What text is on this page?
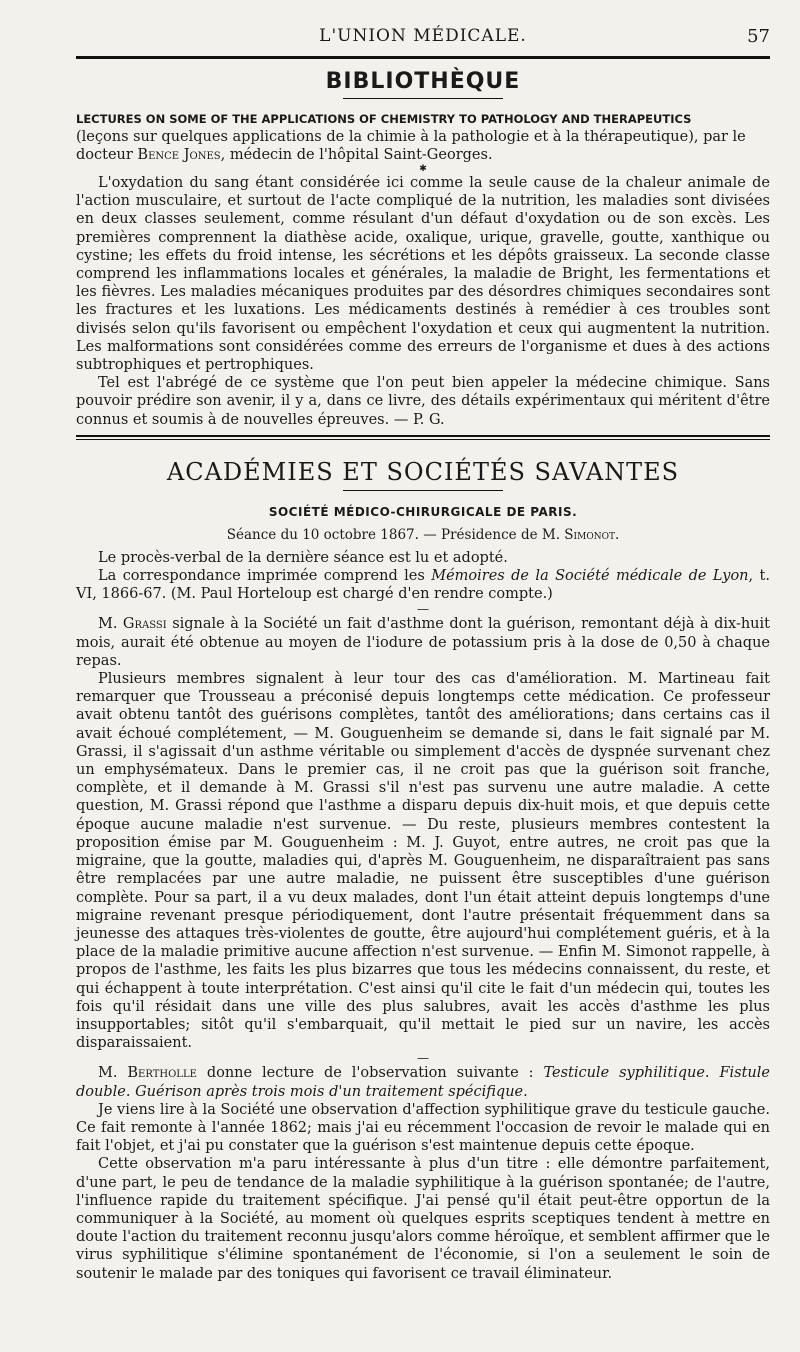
L'UNION MÉDICALE.	57
BIBLIOTHÈQUE
LECTURES ON SOME OF THE APPLICATIONS OF CHEMISTRY TO PATHOLOGY AND THERAPEUTICS
(leçons sur quelques applications de la chimie à la pathologie et à la thérapeutique), par le docteur Bence Jones, médecin de l'hôpital Saint-Georges.
✱

L'oxydation du sang étant considérée ici comme la seule cause de la chaleur animale de l'action musculaire, et surtout de l'acte compliqué de la nutrition, les maladies sont divisées en deux classes seulement, comme résulant d'un défaut d'oxydation ou de son excès. Les premières comprennent la diathèse acide, oxalique, urique, gravelle, goutte, xanthique ou cystine; les effets du froid intense, les sécrétions et les dépôts graisseux. La seconde classe comprend les inflammations locales et générales, la maladie de Bright, les fermentations et les fièvres. Les maladies mécaniques produites par des désordres chimiques secondaires sont les fractures et les luxations. Les médicaments destinés à remédier à ces troubles sont divisés selon qu'ils favorisent ou empêchent l'oxydation et ceux qui augmentent la nutrition. Les malformations sont considérées comme des erreurs de l'organisme et dues à des actions subtrophiques et pertrophiques.

Tel est l'abrégé de ce système que l'on peut bien appeler la médecine chimique. Sans pouvoir prédire son avenir, il y a, dans ce livre, des détails expérimentaux qui méritent d'être connus et soumis à de nouvelles épreuves. — P. G.

ACADÉMIES ET SOCIÉTÉS SAVANTES
SOCIÉTÉ MÉDICO-CHIRURGICALE DE PARIS.
Séance du 10 octobre 1867. — Présidence de M. Simonot.

Le procès-verbal de la dernière séance est lu et adopté.

La correspondance imprimée comprend les Mémoires de la Société médicale de Lyon, t. VI, 1866-67. (M. Paul Horteloup est chargé d'en rendre compte.)

—

M. Grassi signale à la Société un fait d'asthme dont la guérison, remontant déjà à dix-huit mois, aurait été obtenue au moyen de l'iodure de potassium pris à la dose de 0,50 à chaque repas.

Plusieurs membres signalent à leur tour des cas d'amélioration. M. Martineau fait remarquer que Trousseau a préconisé depuis longtemps cette médication. Ce professeur avait obtenu tantôt des guérisons complètes, tantôt des améliorations; dans certains cas il avait échoué complétement, — M. Gouguenheim se demande si, dans le fait signalé par M. Grassi, il s'agissait d'un asthme véritable ou simplement d'accès de dyspnée survenant chez un emphysémateux. Dans le premier cas, il ne croit pas que la guérison soit franche, complète, et il demande à M. Grassi s'il n'est pas survenu une autre maladie. A cette question, M. Grassi répond que l'asthme a disparu depuis dix-huit mois, et que depuis cette époque aucune maladie n'est survenue. — Du reste, plusieurs membres contestent la proposition émise par M. Gouguenheim : M. J. Guyot, entre autres, ne croit pas que la migraine, que la goutte, maladies qui, d'après M. Gouguenheim, ne disparaîtraient pas sans être remplacées par une autre maladie, ne puissent être susceptibles d'une guérison complète. Pour sa part, il a vu deux malades, dont l'un était atteint depuis longtemps d'une migraine revenant presque périodiquement, dont l'autre présentait fréquemment dans sa jeunesse des attaques très-violentes de goutte, être aujourd'hui complétement guéris, et à la place de la maladie primitive aucune affection n'est survenue. — Enfin M. Simonot rappelle, à propos de l'asthme, les faits les plus bizarres que tous les médecins connaissent, du reste, et qui échappent à toute interprétation. C'est ainsi qu'il cite le fait d'un médecin qui, toutes les fois qu'il résidait dans une ville des plus salubres, avait les accès d'asthme les plus insupportables; sitôt qu'il s'embarquait, qu'il mettait le pied sur un navire, les accès disparaissaient.

—

M. Bertholle donne lecture de l'observation suivante : Testicule syphilitique. Fistule double. Guérison après trois mois d'un traitement spécifique.

Je viens lire à la Société une observation d'affection syphilitique grave du testicule gauche. Ce fait remonte à l'année 1862; mais j'ai eu récemment l'occasion de revoir le malade qui en fait l'objet, et j'ai pu constater que la guérison s'est maintenue depuis cette époque.

Cette observation m'a paru intéressante à plus d'un titre : elle démontre parfaitement, d'une part, le peu de tendance de la maladie syphilitique à la guérison spontanée; de l'autre, l'influence rapide du traitement spécifique. J'ai pensé qu'il était peut-être opportun de la communiquer à la Société, au moment où quelques esprits sceptiques tendent à mettre en doute l'action du traitement reconnu jusqu'alors comme héroïque, et semblent affirmer que le virus syphilitique s'élimine spontanément de l'économie, si l'on a seulement le soin de soutenir le malade par des toniques qui favorisent ce travail éliminateur.
